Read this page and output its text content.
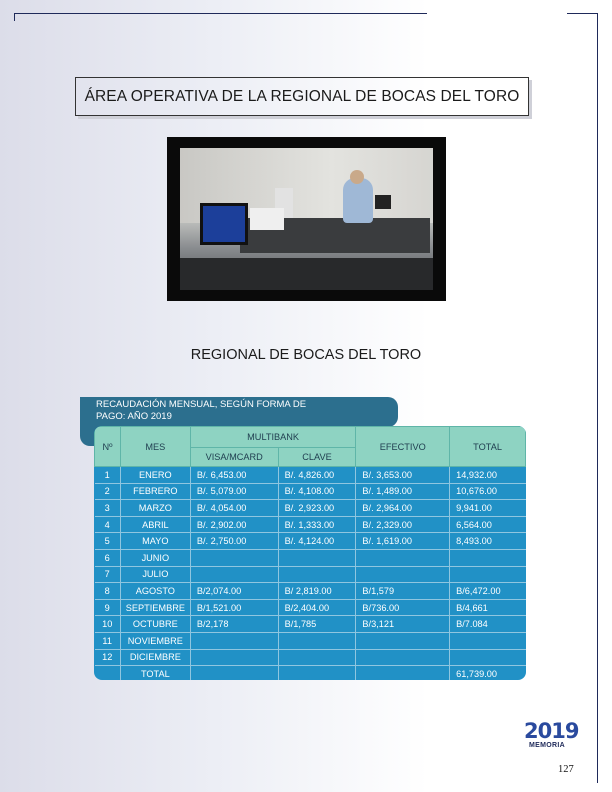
ÁREA OPERATIVA DE LA REGIONAL DE BOCAS DEL TORO
REGIONAL DE BOCAS DEL TORO
RECAUDACIÓN MENSUAL, SEGÚN FORMA DE
PAGO: AÑO 2019
Nº	MES	MULTIBANK		EFECTIVO	TOTAL
		VISA/MCARD	CLAVE		
1	ENERO	B/. 6,453.00	B/. 4,826.00	B/. 3,653.00	14,932.00
2	FEBRERO	B/. 5,079.00	B/. 4,108.00	B/. 1,489.00	10,676.00
3	MARZO	B/. 4,054.00	B/. 2,923.00	B/. 2,964.00	9,941.00
4	ABRIL	B/. 2,902.00	B/. 1,333.00	B/. 2,329.00	6,564.00
5	MAYO	B/. 2,750.00	B/. 4,124.00	B/. 1,619.00	8,493.00
6	JUNIO				
7	JULIO				
8	AGOSTO	B/2,074.00	B/ 2,819.00	B/1,579	B/6,472.00
9	SEPTIEMBRE	B/1,521.00	B/2,404.00	B/736.00	B/4,661
10	OCTUBRE	B/2,178	B/1,785	B/3,121	B/7.084
11	NOVIEMBRE				
12	DICIEMBRE				
	TOTAL				61,739.00
2019
MEMORIA
127
